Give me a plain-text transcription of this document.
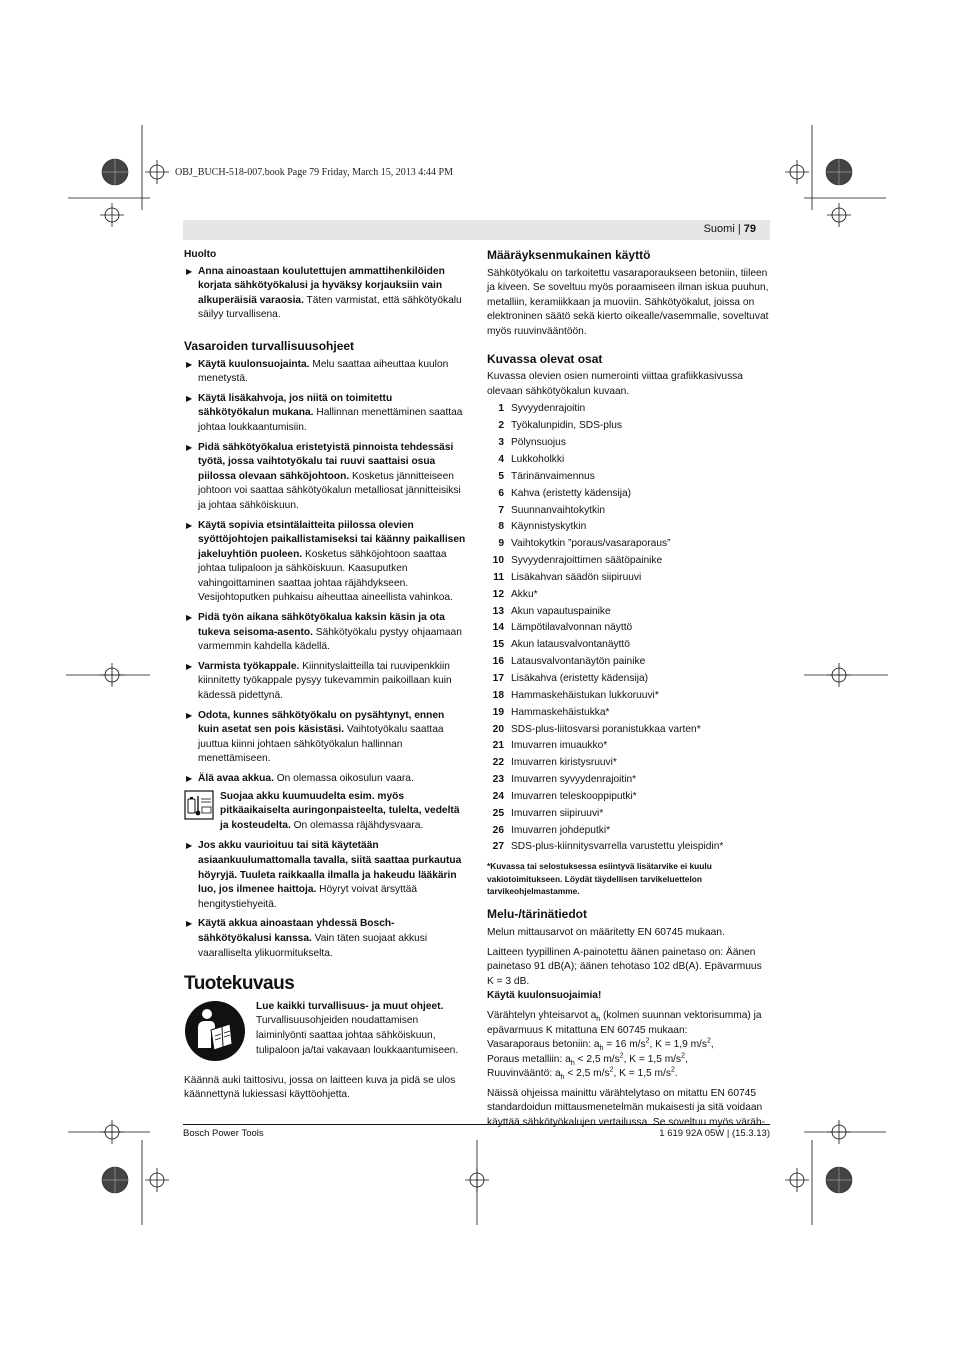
OBJ_BUCH-518-007.book Page 79 Friday, March 15, 2013 4:44 PM
Suomi | 79
Huolto
▶ Anna ainoastaan koulutettujen ammattihenkilöiden korjata sähkötyökalusi ja hyväksy korjauksiin vain alkuperäisiä varaosia. Täten varmistat, että sähkötyökalu säilyy turvallisena.
Vasaroiden turvallisuusohjeet
▶ Käytä kuulonsuojainta. Melu saattaa aiheuttaa kuulon menetystä.
▶ Käytä lisäkahvoja, jos niitä on toimitettu sähkötyökalun mukana. Hallinnan menettäminen saattaa johtaa loukkaantumisiin.
▶ Pidä sähkötyökalua eristetyistä pinnoista tehdessäsi työtä, jossa vaihtotyökalu tai ruuvi saattaisi osua piilossa olevaan sähköjohtoon. Kosketus jännitteiseen johtoon voi saattaa sähkötyökalun metalliosat jännitteisiksi ja johtaa sähköiskuun.
▶ Käytä sopivia etsintälaitteita piilossa olevien syöttöjohtojen paikallistamiseksi tai käänny paikallisen jakeluyhtiön puoleen. Kosketus sähköjohtoon saattaa johtaa tulipaloon ja sähköiskuun. Kaasuputken vahingoittaminen saattaa johtaa räjähdykseen. Vesijohtoputken puhkaisu aiheuttaa aineellista vahinkoa.
▶ Pidä työn aikana sähkötyökalua kaksin käsin ja ota tukeva seisoma-asento. Sähkötyökalu pystyy ohjaamaan varmemmin kahdella kädellä.
▶ Varmista työkappale. Kiinnityslaitteilla tai ruuvipenkkiin kiinnitetty työkappale pysyy tukevammin paikoillaan kuin kädessä pidettynä.
▶ Odota, kunnes sähkötyökalu on pysähtynyt, ennen kuin asetat sen pois käsistäsi. Vaihtotyökalu saattaa juuttua kiinni johtaen sähkötyökalun hallinnan menettämiseen.
▶ Älä avaa akkua. On olemassa oikosulun vaara.
Suojaa akku kuumuudelta esim. myös pitkäaikaiselta auringonpaisteelta, tulelta, vedeltä ja kosteudelta. On olemassa räjähdysvaara.
▶ Jos akku vaurioituu tai sitä käytetään asiaankuulumattomalla tavalla, siitä saattaa purkautua höyryjä. Tuuleta raikkaalla ilmalla ja hakeudu lääkärin luo, jos ilmenee haittoja. Höyryt voivat ärsyttää hengitystiehyeitä.
▶ Käytä akkua ainoastaan yhdessä Bosch-sähkötyökalusi kanssa. Vain täten suojaat akkusi vaaralliselta ylikuormitukselta.
Tuotekuvaus
Lue kaikki turvallisuus- ja muut ohjeet. Turvallisuusohjeiden noudattamisen laiminlyönti saattaa johtaa sähköiskuun, tulipaloon ja/tai vakavaan loukkaantumiseen.

Käännä auki taittosivu, jossa on laitteen kuva ja pidä se ulos käännettynä lukiessasi käyttöohjetta.

Määräyksenmukainen käyttö

Sähkötyökalu on tarkoitettu vasaraporaukseen betoniin, tiileen ja kiveen. Se soveltuu myös poraamiseen ilman iskua puuhun, metalliin, keramiikkaan ja muoviin. Sähkötyökalut, joissa on elektroninen säätö sekä kierto oikealle/vasemmalle, soveltuvat myös ruuvinvääntöön.

Kuvassa olevat osat

Kuvassa olevien osien numerointi viittaa grafiikkasivussa olevaan sähkötyökalun kuvaan.

1 Syvyydenrajoitin
2 Työkalunpidin, SDS-plus
3 Pölynsuojus
4 Lukkoholkki
5 Tärinänvaimennus
6 Kahva (eristetty kädensija)
7 Suunnanvaihtokytkin
8 Käynnistyskytkin
9 Vaihtokytkin ”poraus/vasaraporaus”
10 Syvyydenrajoittimen säätöpainike
11 Lisäkahvan säädön siipiruuvi
12 Akku*
13 Akun vapautuspainike
14 Lämpötilavalvonnan näyttö
15 Akun latausvalvontanäyttö
16 Latausvalvontanäytön painike
17 Lisäkahva (eristetty kädensija)
18 Hammaskehäistukan lukkoruuvi*
19 Hammaskehäistukka*
20 SDS-plus-liitosvarsi poranistukkaa varten*
21 Imuvarren imuaukko*
22 Imuvarren kiristysruuvi*
23 Imuvarren syvyydenrajoitin*
24 Imuvarren teleskooppiputki*
25 Imuvarren siipiruuvi*
26 Imuvarren johdeputki*
27 SDS-plus-kiinnitysvarrella varustettu yleispidin*
*Kuvassa tai selostuksessa esiintyvä lisätarvike ei kuulu vakiotoimitukseen. Löydät täydellisen tarvikeluettelon tarvikeohjelmastamme.
Melu-/tärinätiedot

Melun mittausarvot on määritetty EN 60745 mukaan.

Laitteen tyypillinen A-painotettu äänen painetaso on: Äänen painetaso 91 dB(A); äänen tehotaso 102 dB(A). Epävarmuus K = 3 dB.

Käytä kuulonsuojaimia!

Värähtelyn yhteisarvot $a_h$ (kolmen suunnan vektorisumma) ja epävarmuus K mitattuna EN 60745 mukaan:

Vasaraporaus betoniin: $a_h = 16$ $m/s^2$, K = 1,9 $m/s^2$,
Poraus metalliin: $a_h < 2,5$ $m/s^2$, K = 1,5 $m/s^2$,
Ruuvinvääntö: $a_h < 2,5$ $m/s^2$, K = 1,5 $m/s^2$.

Näissä ohjeissa mainittu värähtelytaso on mitattu EN 60745 standardoidun mittausmenetelmän mukaisesti ja sitä voidaan käyttää sähkötyökalujen vertailussa. Se soveltuu myös väräh-

Bosch Power Tools	1 619 92A 05W | (15.3.13)
